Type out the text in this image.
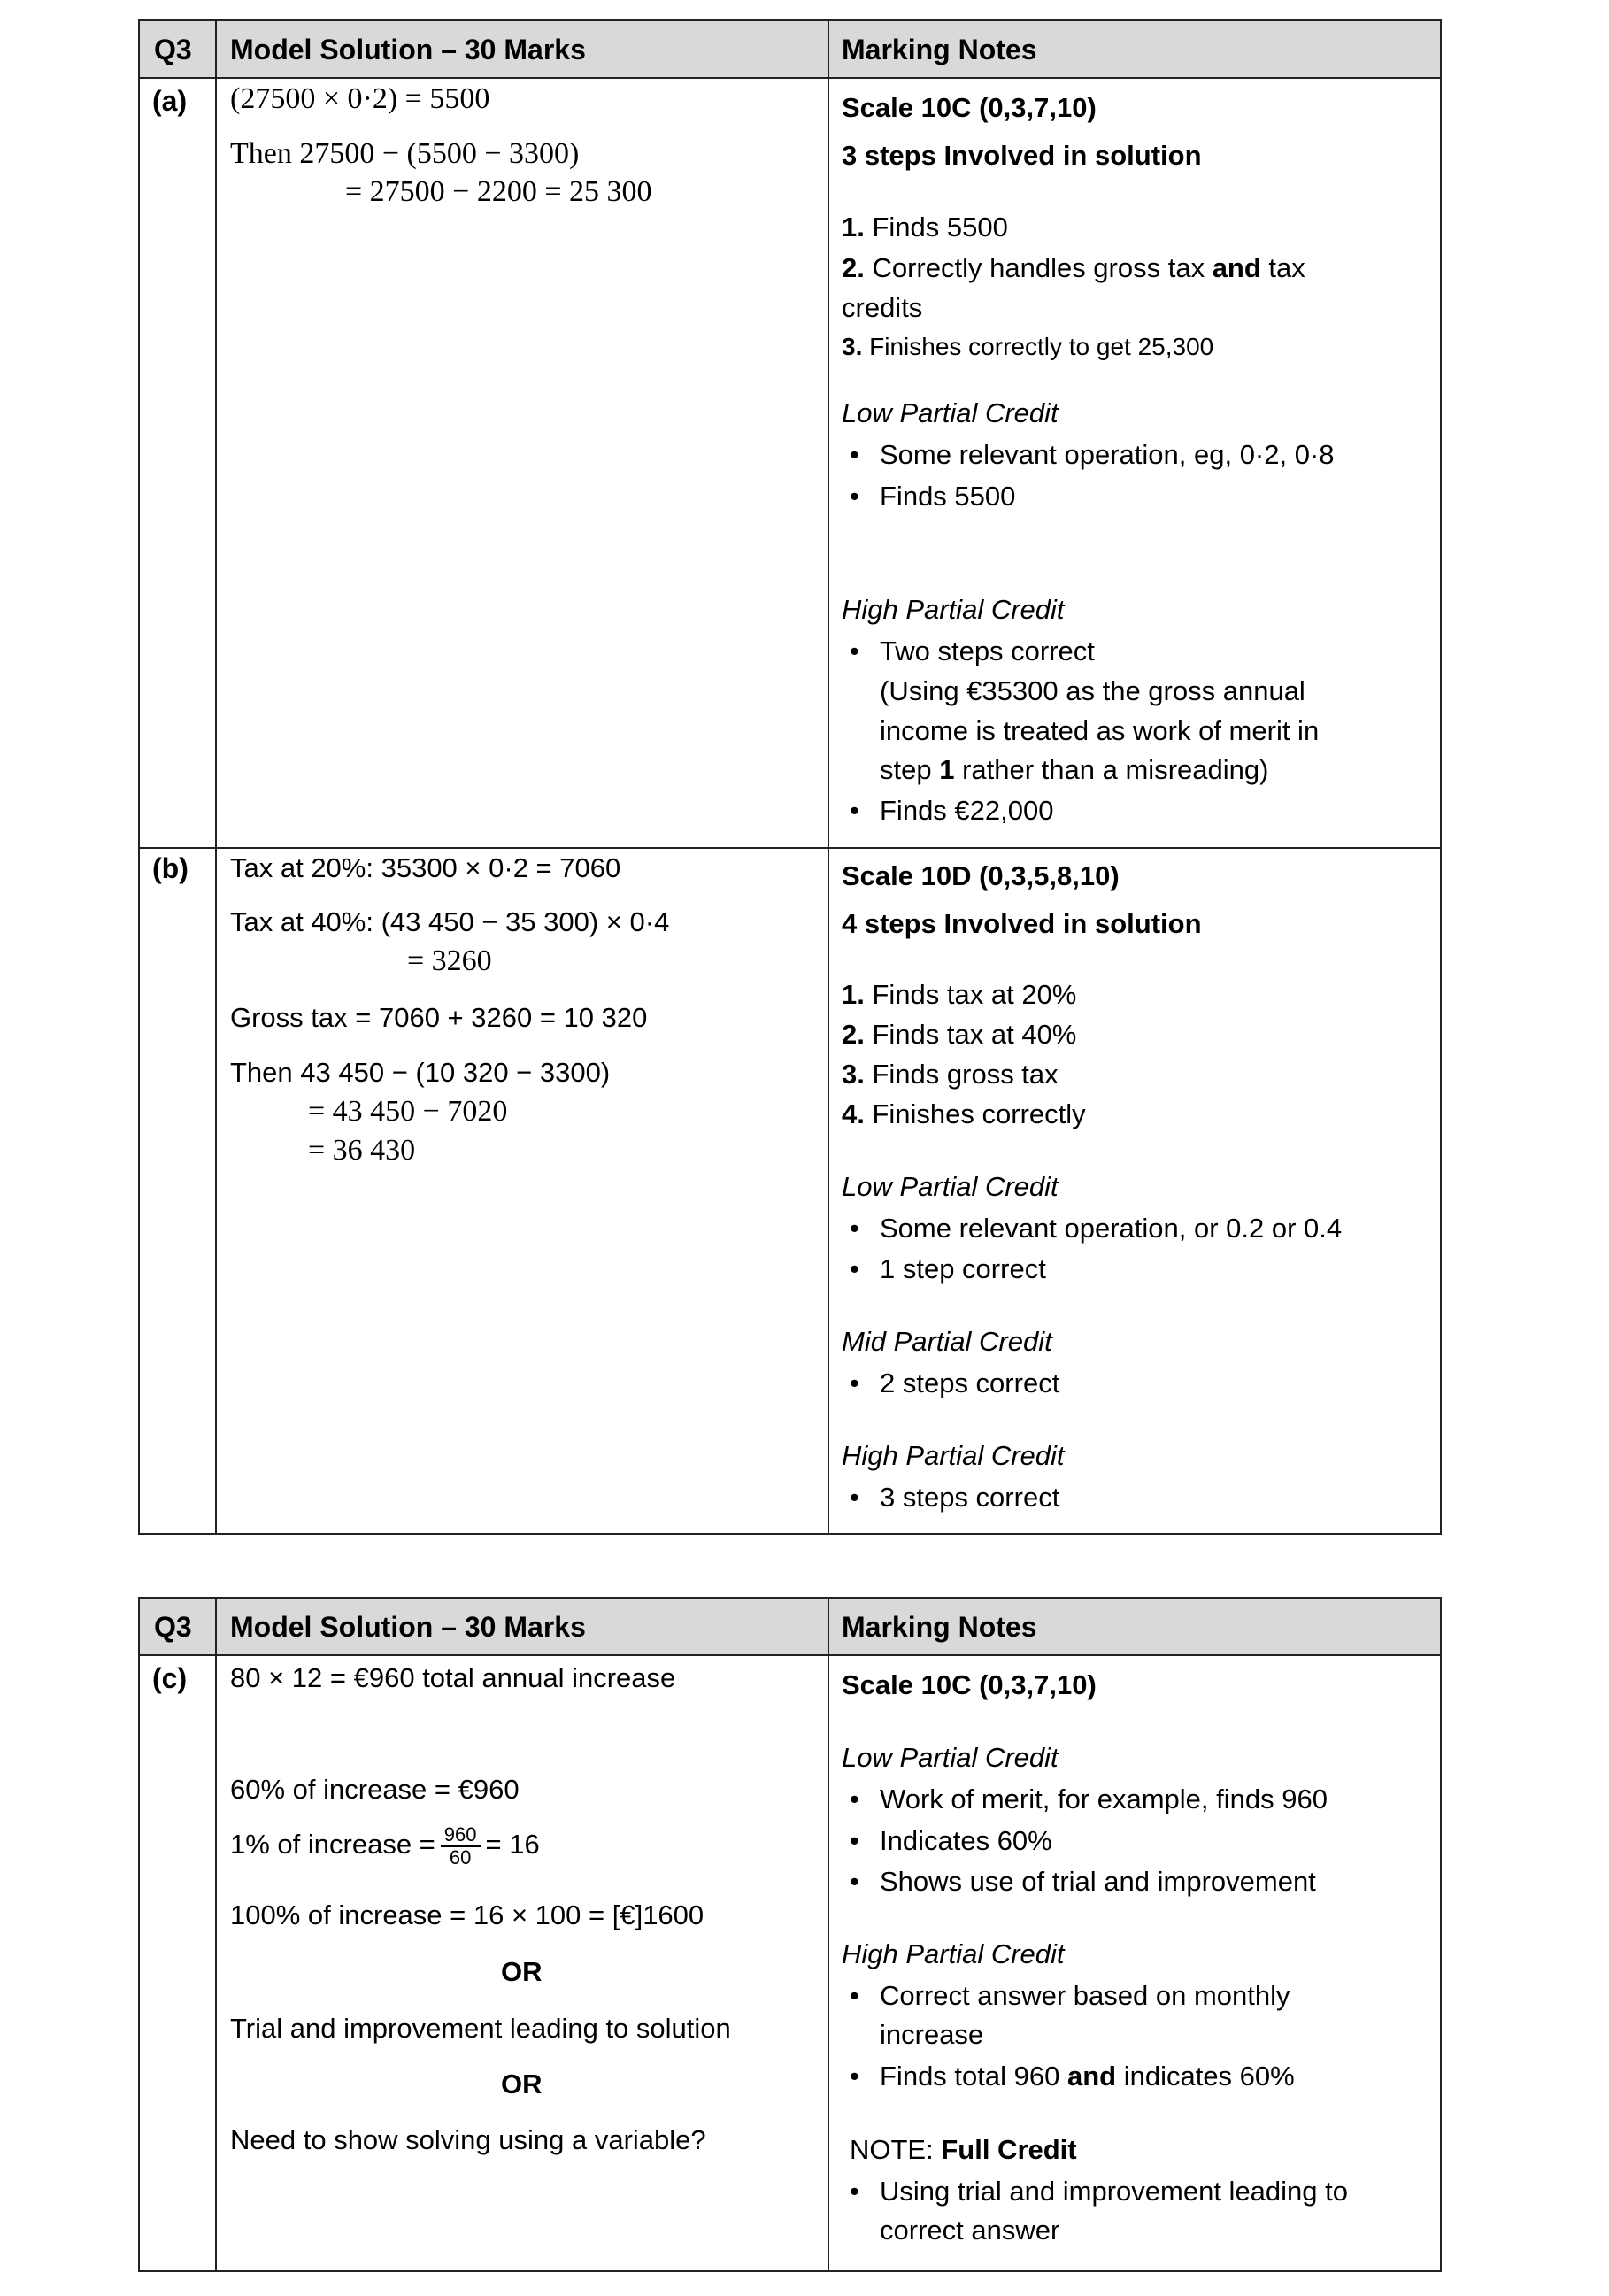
Q3 Model Solution – 30 Marks	Marking Notes
(a) (27500 × 0·2) = 5500
Then 27500 − (5500 − 3300)
= 27500 − 2200 = 25 300
Scale 10C (0,3,7,10)
3 steps Involved in solution
1. Finds 5500
2. Correctly handles gross tax and tax
credits
3. Finishes correctly to get 25,300
Low Partial Credit
• Some relevant operation, eg, 0·2, 0·8
• Finds 5500
High Partial Credit
• Two steps correct
(Using €35300 as the gross annual
income is treated as work of merit in
step 1 rather than a misreading)
• Finds €22,000
(b) Tax at 20%: 35300 × 0·2 = 7060
Tax at 40%: (43 450 − 35 300) × 0·4
= 3260
Gross tax = 7060 + 3260 = 10 320
Then 43 450 − (10 320 − 3300)
= 43 450 − 7020
= 36 430
Scale 10D (0,3,5,8,10)
4 steps Involved in solution
1. Finds tax at 20%
2. Finds tax at 40%
3. Finds gross tax
4. Finishes correctly
Low Partial Credit
• Some relevant operation, or 0.2 or 0.4
• 1 step correct
Mid Partial Credit
• 2 steps correct
High Partial Credit
• 3 steps correct
Q3 Model Solution – 30 Marks	Marking Notes
(c) 80 × 12 = €960 total annual increase
60% of increase = €960
1% of increase = $\frac{960}{60} = 16$
100% of increase = 16 × 100 = [€]1600
OR
Trial and improvement leading to solution
OR
Need to show solving using a variable?
Scale 10C (0,3,7,10)
Low Partial Credit
• Work of merit, for example, finds 960
• Indicates 60%
• Shows use of trial and improvement
High Partial Credit
• Correct answer based on monthly
increase
• Finds total 960 and indicates 60%
NOTE: Full Credit
• Using trial and improvement leading to
correct answer
